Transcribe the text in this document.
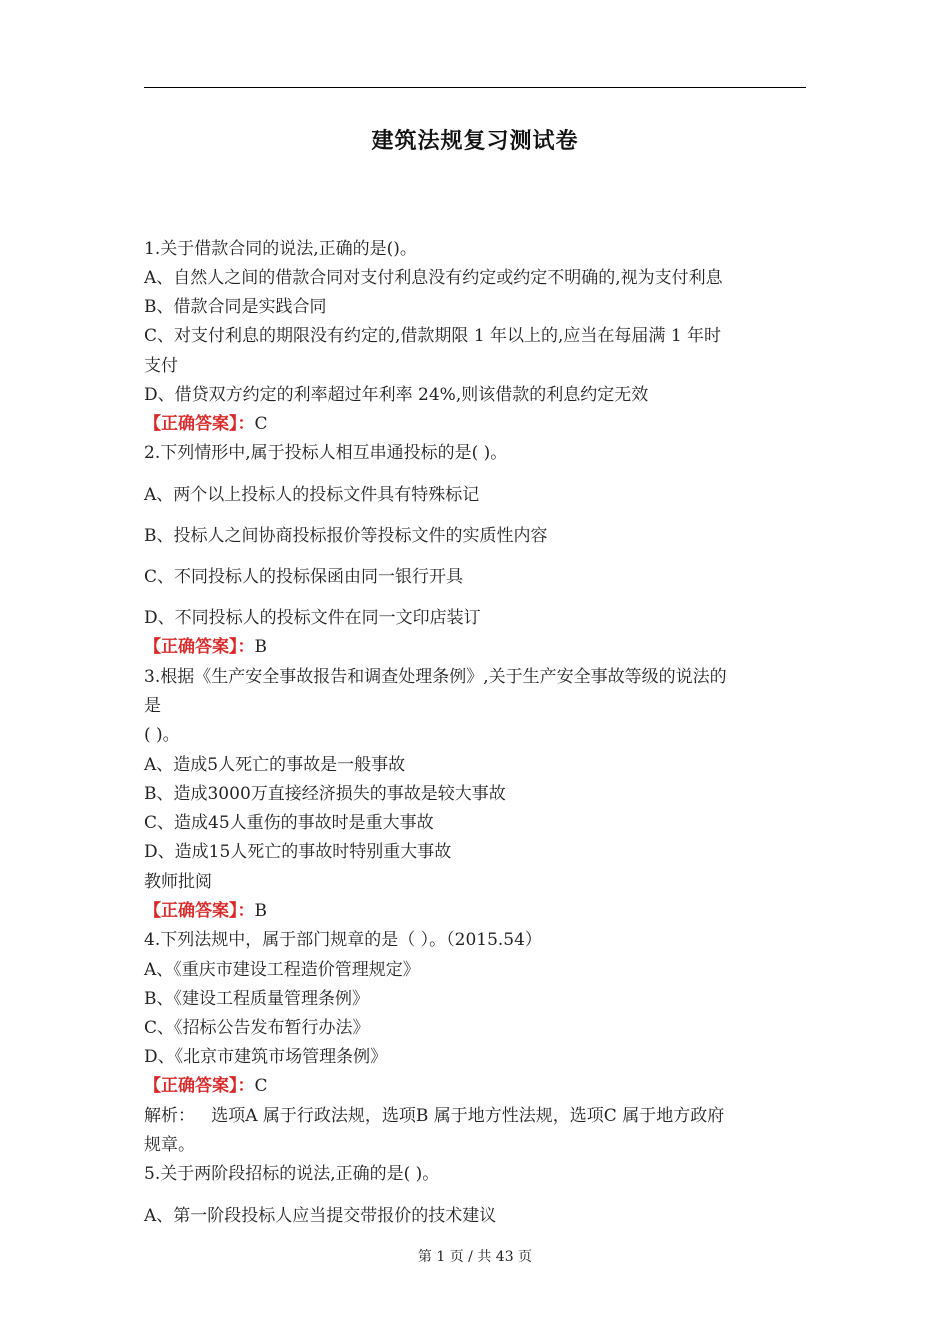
建筑法规复习测试卷
1.关于借款合同的说法,正确的是()。
A、自然人之间的借款合同对支付利息没有约定或约定不明确的,视为支付利息
B、借款合同是实践合同
C、对支付利息的期限没有约定的,借款期限 1 年以上的,应当在每届满 1 年时
支付
D、借贷双方约定的利率超过年利率 24%,则该借款的利息约定无效
【正确答案】：C
2.下列情形中,属于投标人相互串通投标的是( )。
A、两个以上投标人的投标文件具有特殊标记
B、投标人之间协商投标报价等投标文件的实质性内容
C、不同投标人的投标保函由同一银行开具
D、不同投标人的投标文件在同一文印店装订
【正确答案】：B
3.根据《生产安全事故报告和调查处理条例》,关于生产安全事故等级的说法的
是
( )。
A、造成5人死亡的事故是一般事故
B、造成3000万直接经济损失的事故是较大事故
C、造成45人重伤的事故时是重大事故
D、造成15人死亡的事故时特别重大事故
教师批阅
【正确答案】：B
4.下列法规中，属于部门规章的是（ ）。（2015.54）
A、《重庆市建设工程造价管理规定》
B、《建设工程质量管理条例》
C、《招标公告发布暂行办法》
D、《北京市建筑市场管理条例》
【正确答案】：C
解析：   选项A 属于行政法规，选项B 属于地方性法规，选项C 属于地方政府
规章。
5.关于两阶段招标的说法,正确的是( )。
A、第一阶段投标人应当提交带报价的技术建议
第 1 页 / 共 43 页
